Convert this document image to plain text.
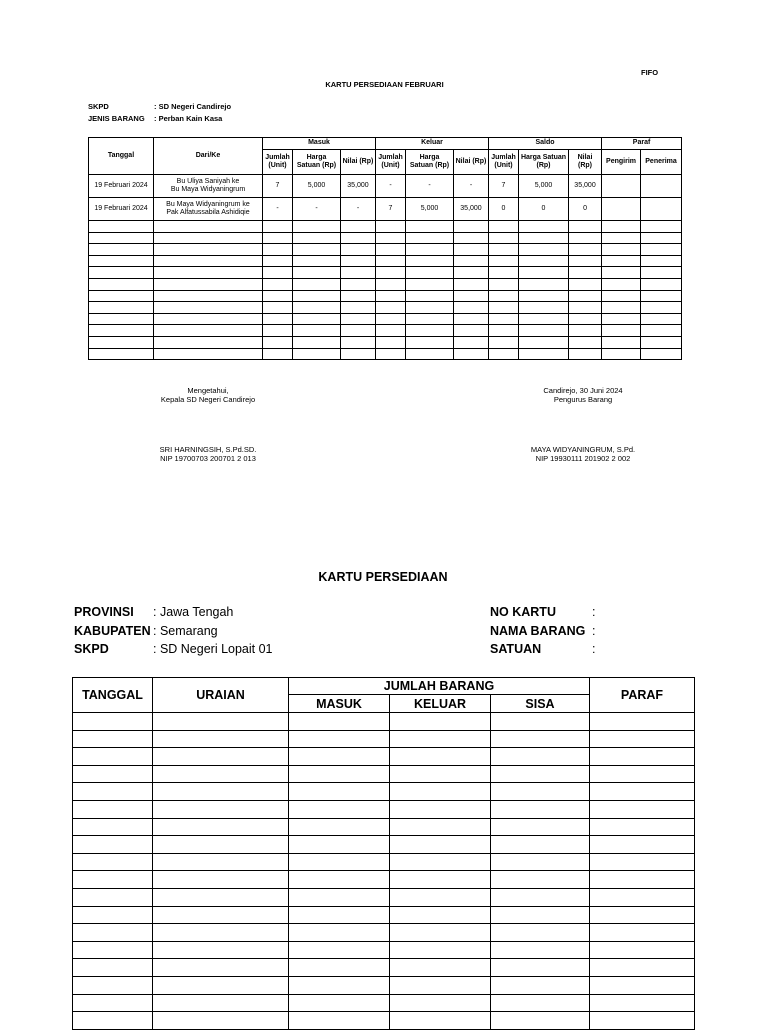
FIFO
KARTU PERSEDIAAN FEBRUARI
SKPD	: SD Negeri Candirejo
JENIS BARANG : Perban Kain Kasa
Tanggal	Dari/Ke	Masuk			Keluar			Saldo			Paraf	
		Jumlah (Unit)	Harga Satuan (Rp)	Nilai (Rp)	Jumlah (Unit)	Harga Satuan (Rp)	Nilai (Rp)	Jumlah (Unit)	Harga Satuan (Rp)	Nilai (Rp)	Pengirim	Penerima
19 Februari 2024	Bu Uliya Saniyah ke
Bu Maya Widyaningrum	7	5,000	35,000	-	-	-	7	5,000	35,000		
19 Februari 2024	Bu Maya Widyaningrum ke
Pak Alfatussabila Ashidiqie	-	-	-	7	5,000	35,000	0	0	0		

Mengetahui,
Kepala SD Negeri Candirejo
SRI HARNINGSIH, S.Pd.SD.
NIP 19700703 200701 2 013
Candirejo, 30 Juni 2024
Pengurus Barang
MAYA WIDYANINGRUM, S.Pd.
NIP 19930111 201902 2 002
KARTU PERSEDIAAN
PROVINSI : Jawa Tengah
KABUPATEN : Semarang
SKPD	: SD Negeri Lopait 01
NO KARTU	:
NAMA BARANG :
SATUAN	:
TANGGAL	URAIAN	JUMLAH BARANG			PARAF
		MASUK	KELUAR	SISA	
